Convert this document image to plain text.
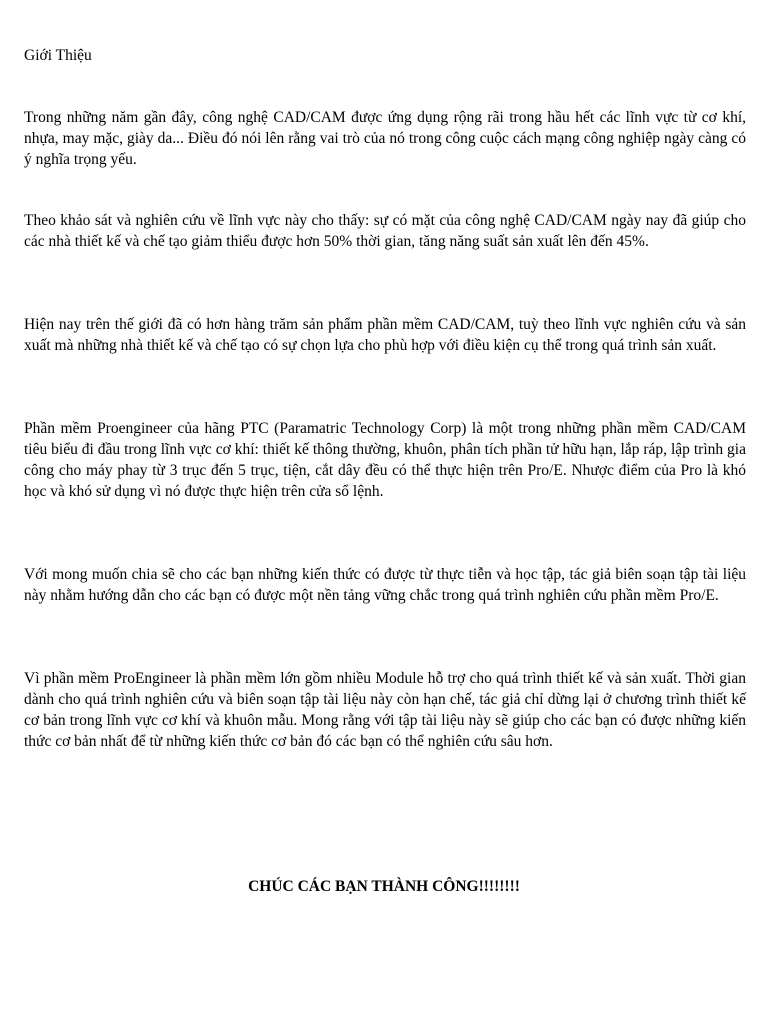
Giới Thiệu

Trong những năm gần đây, công nghệ CAD/CAM được ứng dụng rộng rãi trong hầu hết các lĩnh vực từ cơ khí, nhựa, may mặc, giày da... Điều đó nói lên rằng vai trò của nó trong công cuộc cách mạng công nghiệp ngày càng có ý nghĩa trọng yếu.

Theo khảo sát và nghiên cứu về lĩnh vực này cho thấy: sự có mặt của công nghệ CAD/CAM ngày nay đã giúp cho các nhà thiết kế và chế tạo giảm thiểu được hơn 50% thời gian, tăng năng suất sản xuất lên đến 45%.

Hiện nay trên thế giới đã có hơn hàng trăm sản phẩm phần mềm CAD/CAM, tuỳ theo lĩnh vực nghiên cứu và sản xuất mà những nhà thiết kế và chế tạo có sự chọn lựa cho phù hợp với điều kiện cụ thể trong quá trình sản xuất.

Phần mềm Proengineer của hãng PTC (Paramatric Technology Corp) là một trong những phần mềm CAD/CAM tiêu biểu đi đầu trong lĩnh vực cơ khí: thiết kế thông thường, khuôn, phân tích phần tử hữu hạn, lắp ráp, lập trình gia công cho máy phay từ 3 trục đến 5 trục, tiện, cắt dây đều có thể thực hiện trên Pro/E. Nhược điểm của Pro là khó học và khó sử dụng vì nó được thực hiện trên cửa sổ lệnh.

Với mong muốn chia sẽ cho các bạn những kiến thức có được từ thực tiễn và học tập, tác giả biên soạn tập tài liệu này nhằm hướng dẫn cho các bạn có được một nền tảng vững chắc trong quá trình nghiên cứu phần mềm Pro/E.

Vì phần mềm ProEngineer là phần mềm lớn gồm nhiều Module hỗ trợ cho quá trình thiết kế và sản xuất. Thời gian dành cho quá trình nghiên cứu và biên soạn tập tài liệu này còn hạn chế, tác giả chỉ dừng lại ở chương trình thiết kế cơ bản trong lĩnh vực cơ khí và khuôn mẫu. Mong rằng với tập tài liệu này sẽ giúp cho các bạn có được những kiến thức cơ bản nhất để từ những kiến thức cơ bản đó các bạn có thể nghiên cứu sâu hơn.

CHÚC CÁC BẠN THÀNH CÔNG!!!!!!!!
